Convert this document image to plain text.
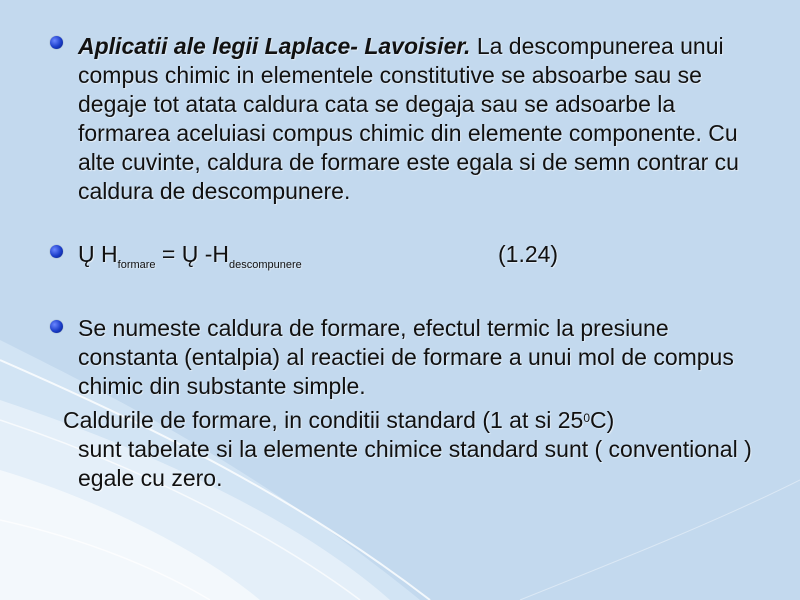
Aplicatii ale legii Laplace- Lavoisier. La descompunerea unui compus chimic in elementele constitutive se absoarbe sau se degaje tot atata caldura cata se degaja sau se adsoarbe la formarea aceluiasi compus chimic din elemente componente. Cu alte cuvinte, caldura de formare este egala si de semn contrar cu caldura de descompunere.
Ų $H_{formare}$ = Ų $-H_{descompunere}$	(1.24)
Se numeste caldura de formare, efectul termic la presiune constanta (entalpia) al reactiei de formare a unui mol de compus chimic din substante simple.
Caldurile de formare, in conditii standard (1 at si $25^0C$)
sunt tabelate si la elemente chimice standard sunt ( conventional ) egale cu zero.
